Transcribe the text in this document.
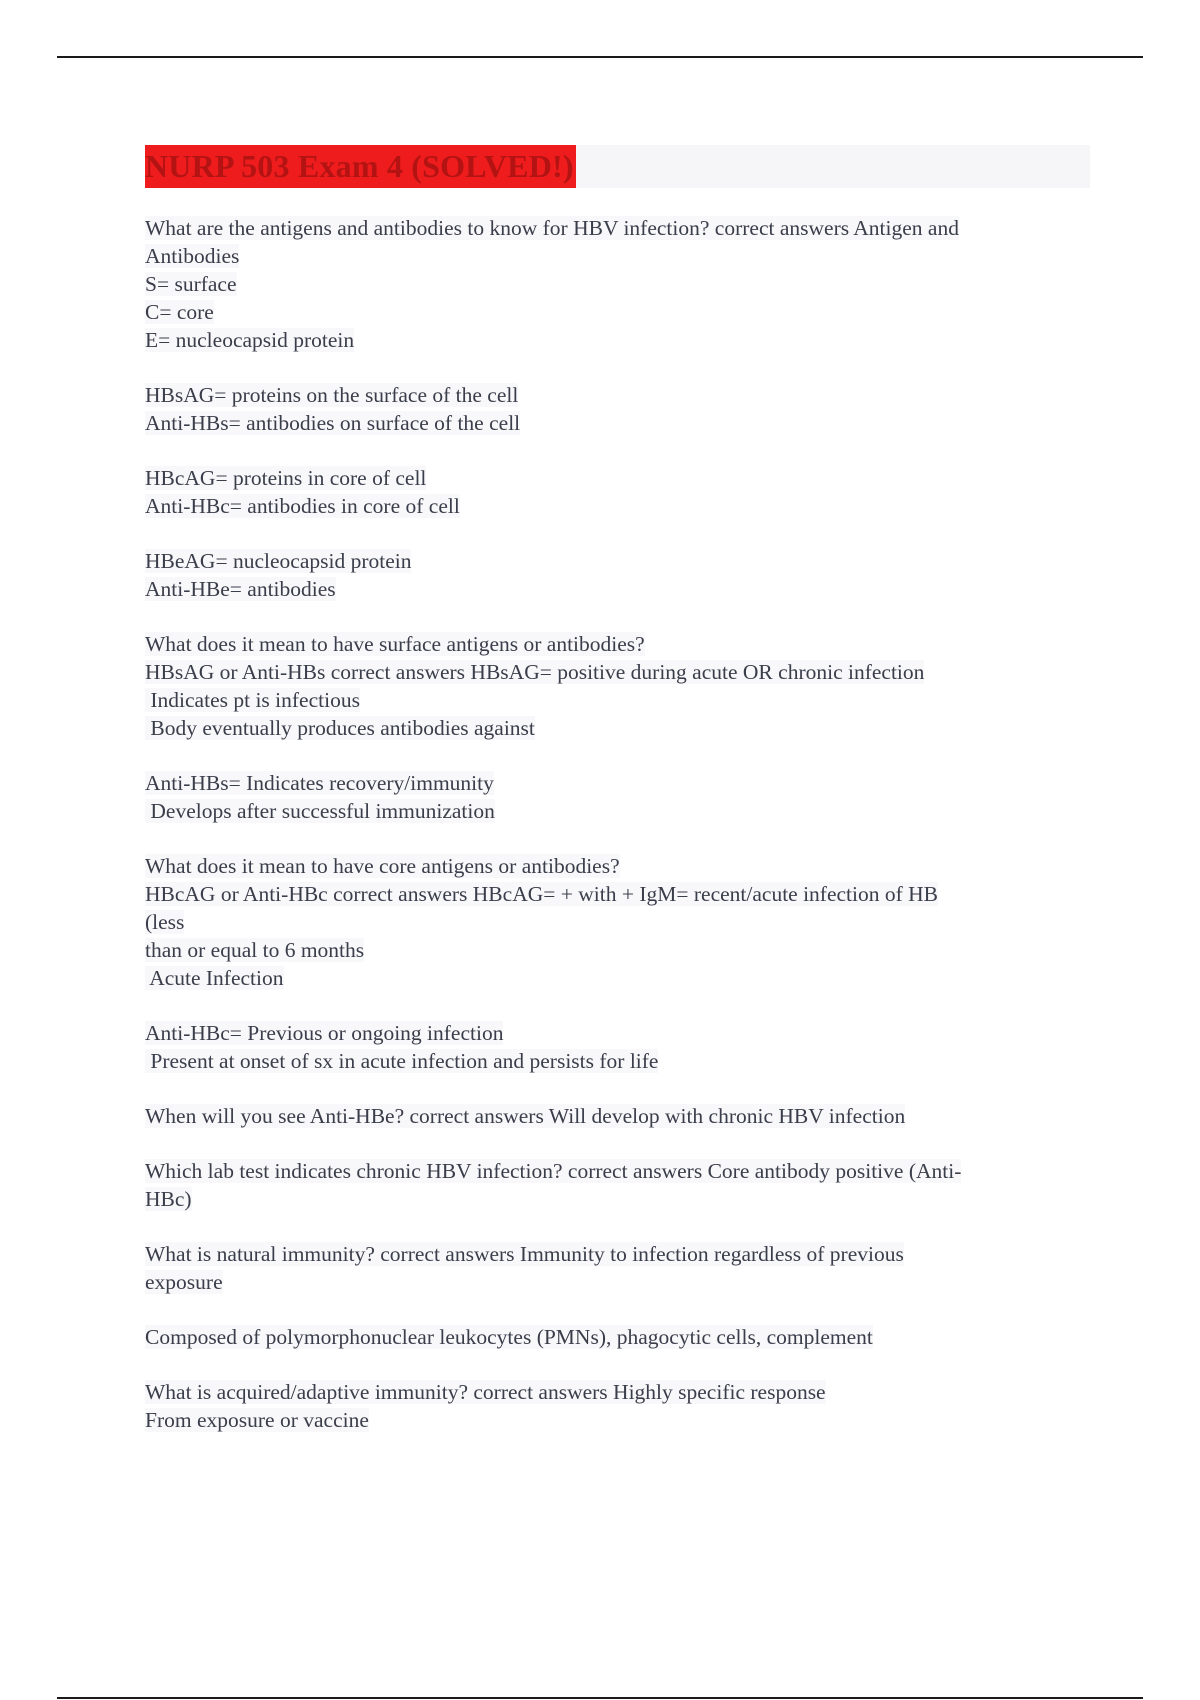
NURP 503 Exam 4 (SOLVED!)
What are the antigens and antibodies to know for HBV infection? correct answers Antigen and
Antibodies
S= surface
C= core
E= nucleocapsid protein
HBsAG= proteins on the surface of the cell
Anti-HBs= antibodies on surface of the cell
HBcAG= proteins in core of cell
Anti-HBc= antibodies in core of cell
HBeAG= nucleocapsid protein
Anti-HBe= antibodies
What does it mean to have surface antigens or antibodies?
HBsAG or Anti-HBs correct answers HBsAG= positive during acute OR chronic infection
Indicates pt is infectious
Body eventually produces antibodies against
Anti-HBs= Indicates recovery/immunity
Develops after successful immunization
What does it mean to have core antigens or antibodies?
HBcAG or Anti-HBc correct answers HBcAG= + with + IgM= recent/acute infection of HB
(less
than or equal to 6 months
Acute Infection
Anti-HBc= Previous or ongoing infection
Present at onset of sx in acute infection and persists for life
When will you see Anti-HBe? correct answers Will develop with chronic HBV infection
Which lab test indicates chronic HBV infection? correct answers Core antibody positive (Anti-
HBc)
What is natural immunity? correct answers Immunity to infection regardless of previous
exposure
Composed of polymorphonuclear leukocytes (PMNs), phagocytic cells, complement
What is acquired/adaptive immunity? correct answers Highly specific response
From exposure or vaccine
